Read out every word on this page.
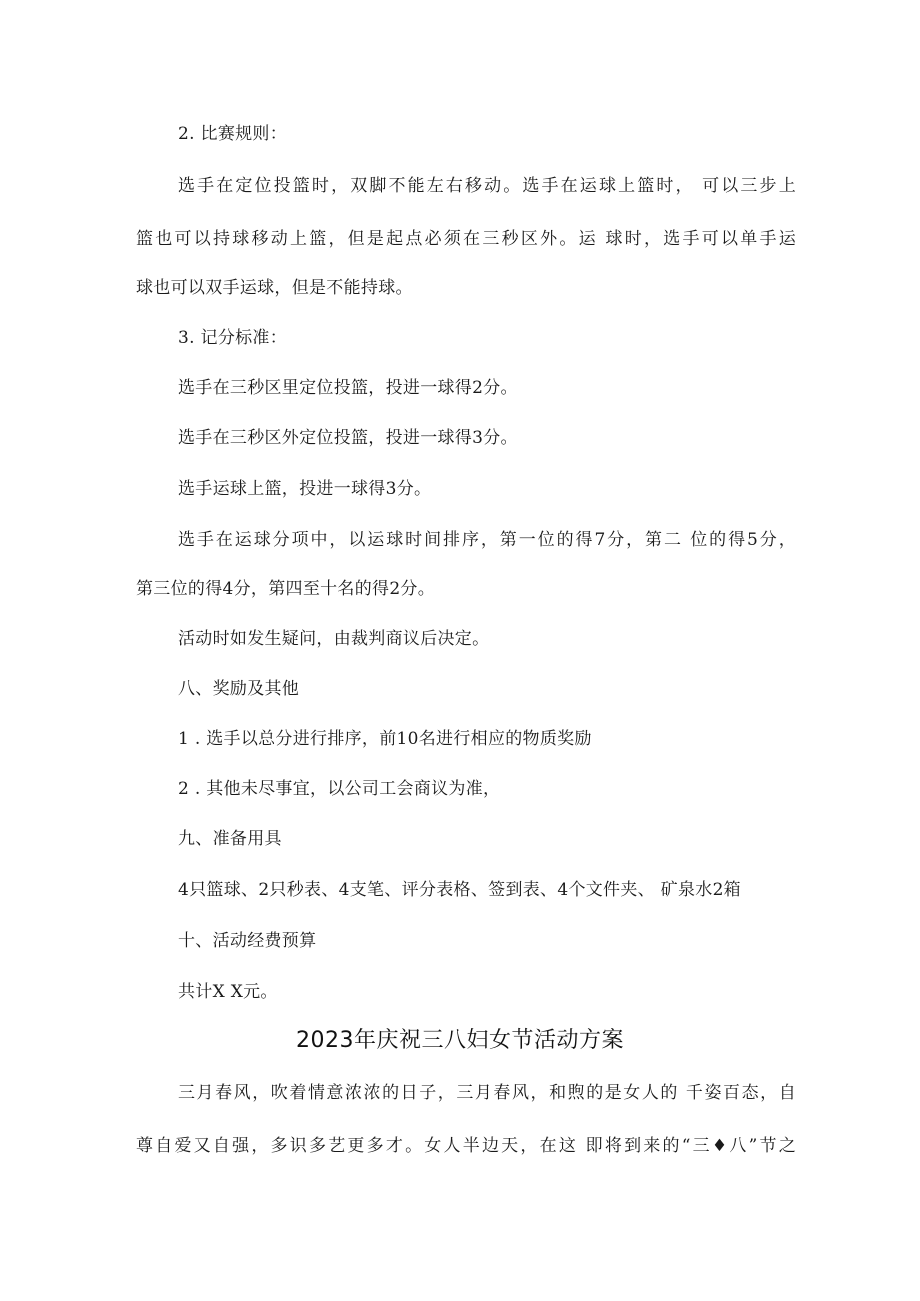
2. 比赛规则：
选手在定位投篮时，双脚不能左右移动。选手在运球上篮时， 可以三步上
篮也可以持球移动上篮，但是起点必须在三秒区外。运 球时，选手可以单手运
球也可以双手运球，但是不能持球。
3. 记分标准：
选手在三秒区里定位投篮，投进一球得2分。
选手在三秒区外定位投篮，投进一球得3分。
选手运球上篮，投进一球得3分。
选手在运球分项中，以运球时间排序，第一位的得7分，第二 位的得5分，
第三位的得4分，第四至十名的得2分。
活动时如发生疑问，由裁判商议后决定。
八、奖励及其他
1 . 选手以总分进行排序，前10名进行相应的物质奖励
2 . 其他未尽事宜，以公司工会商议为准，
九、准备用具
4只篮球、2只秒表、4支笔、评分表格、签到表、4个文件夹、 矿泉水2箱
十、活动经费预算
共计X X元。
2023年庆祝三八妇女节活动方案
三月春风，吹着情意浓浓的日子，三月春风，和煦的是女人的 千姿百态，自
尊自爱又自强，多识多艺更多才。女人半边天，在这 即将到来的“三♦八”节之
